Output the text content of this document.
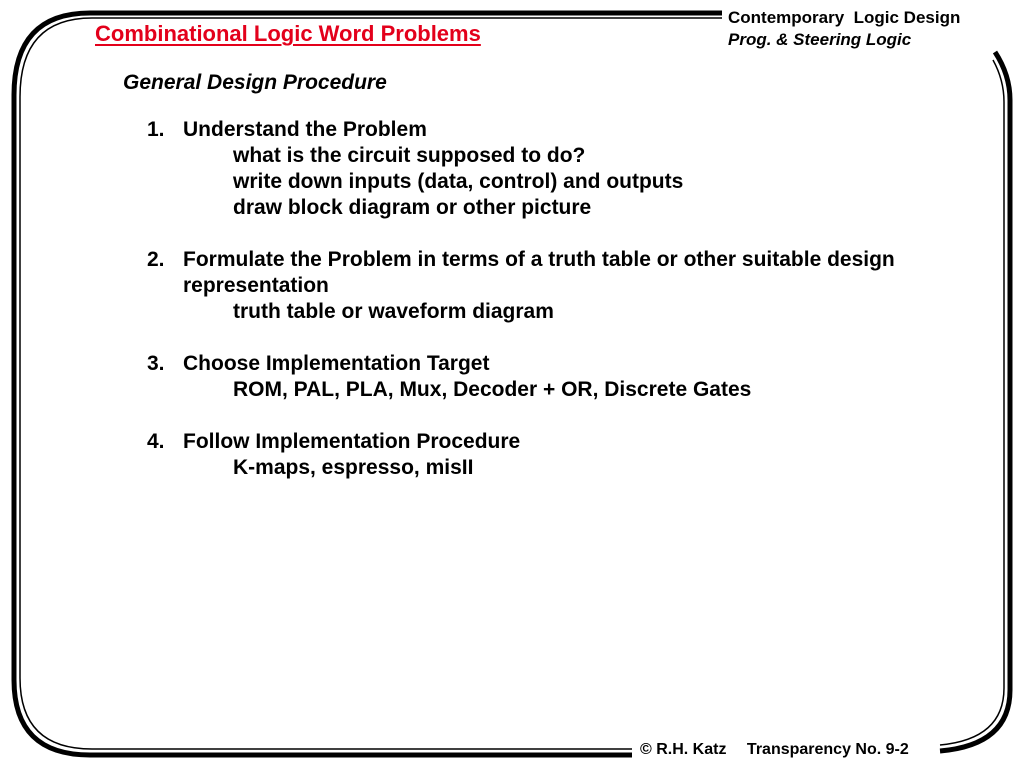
Combinational Logic Word Problems
Contemporary  Logic Design
Prog. & Steering Logic
General Design Procedure
1. Understand the Problem
what is the circuit supposed to do?
write down inputs (data, control) and outputs
draw block diagram or other picture
2. Formulate the Problem in terms of a truth table or other suitable design representation
truth table or waveform diagram
3. Choose Implementation Target
ROM, PAL, PLA, Mux, Decoder + OR, Discrete Gates
4. Follow Implementation Procedure
K-maps, espresso, misII
© R.H. Katz Transparency No. 9-2
